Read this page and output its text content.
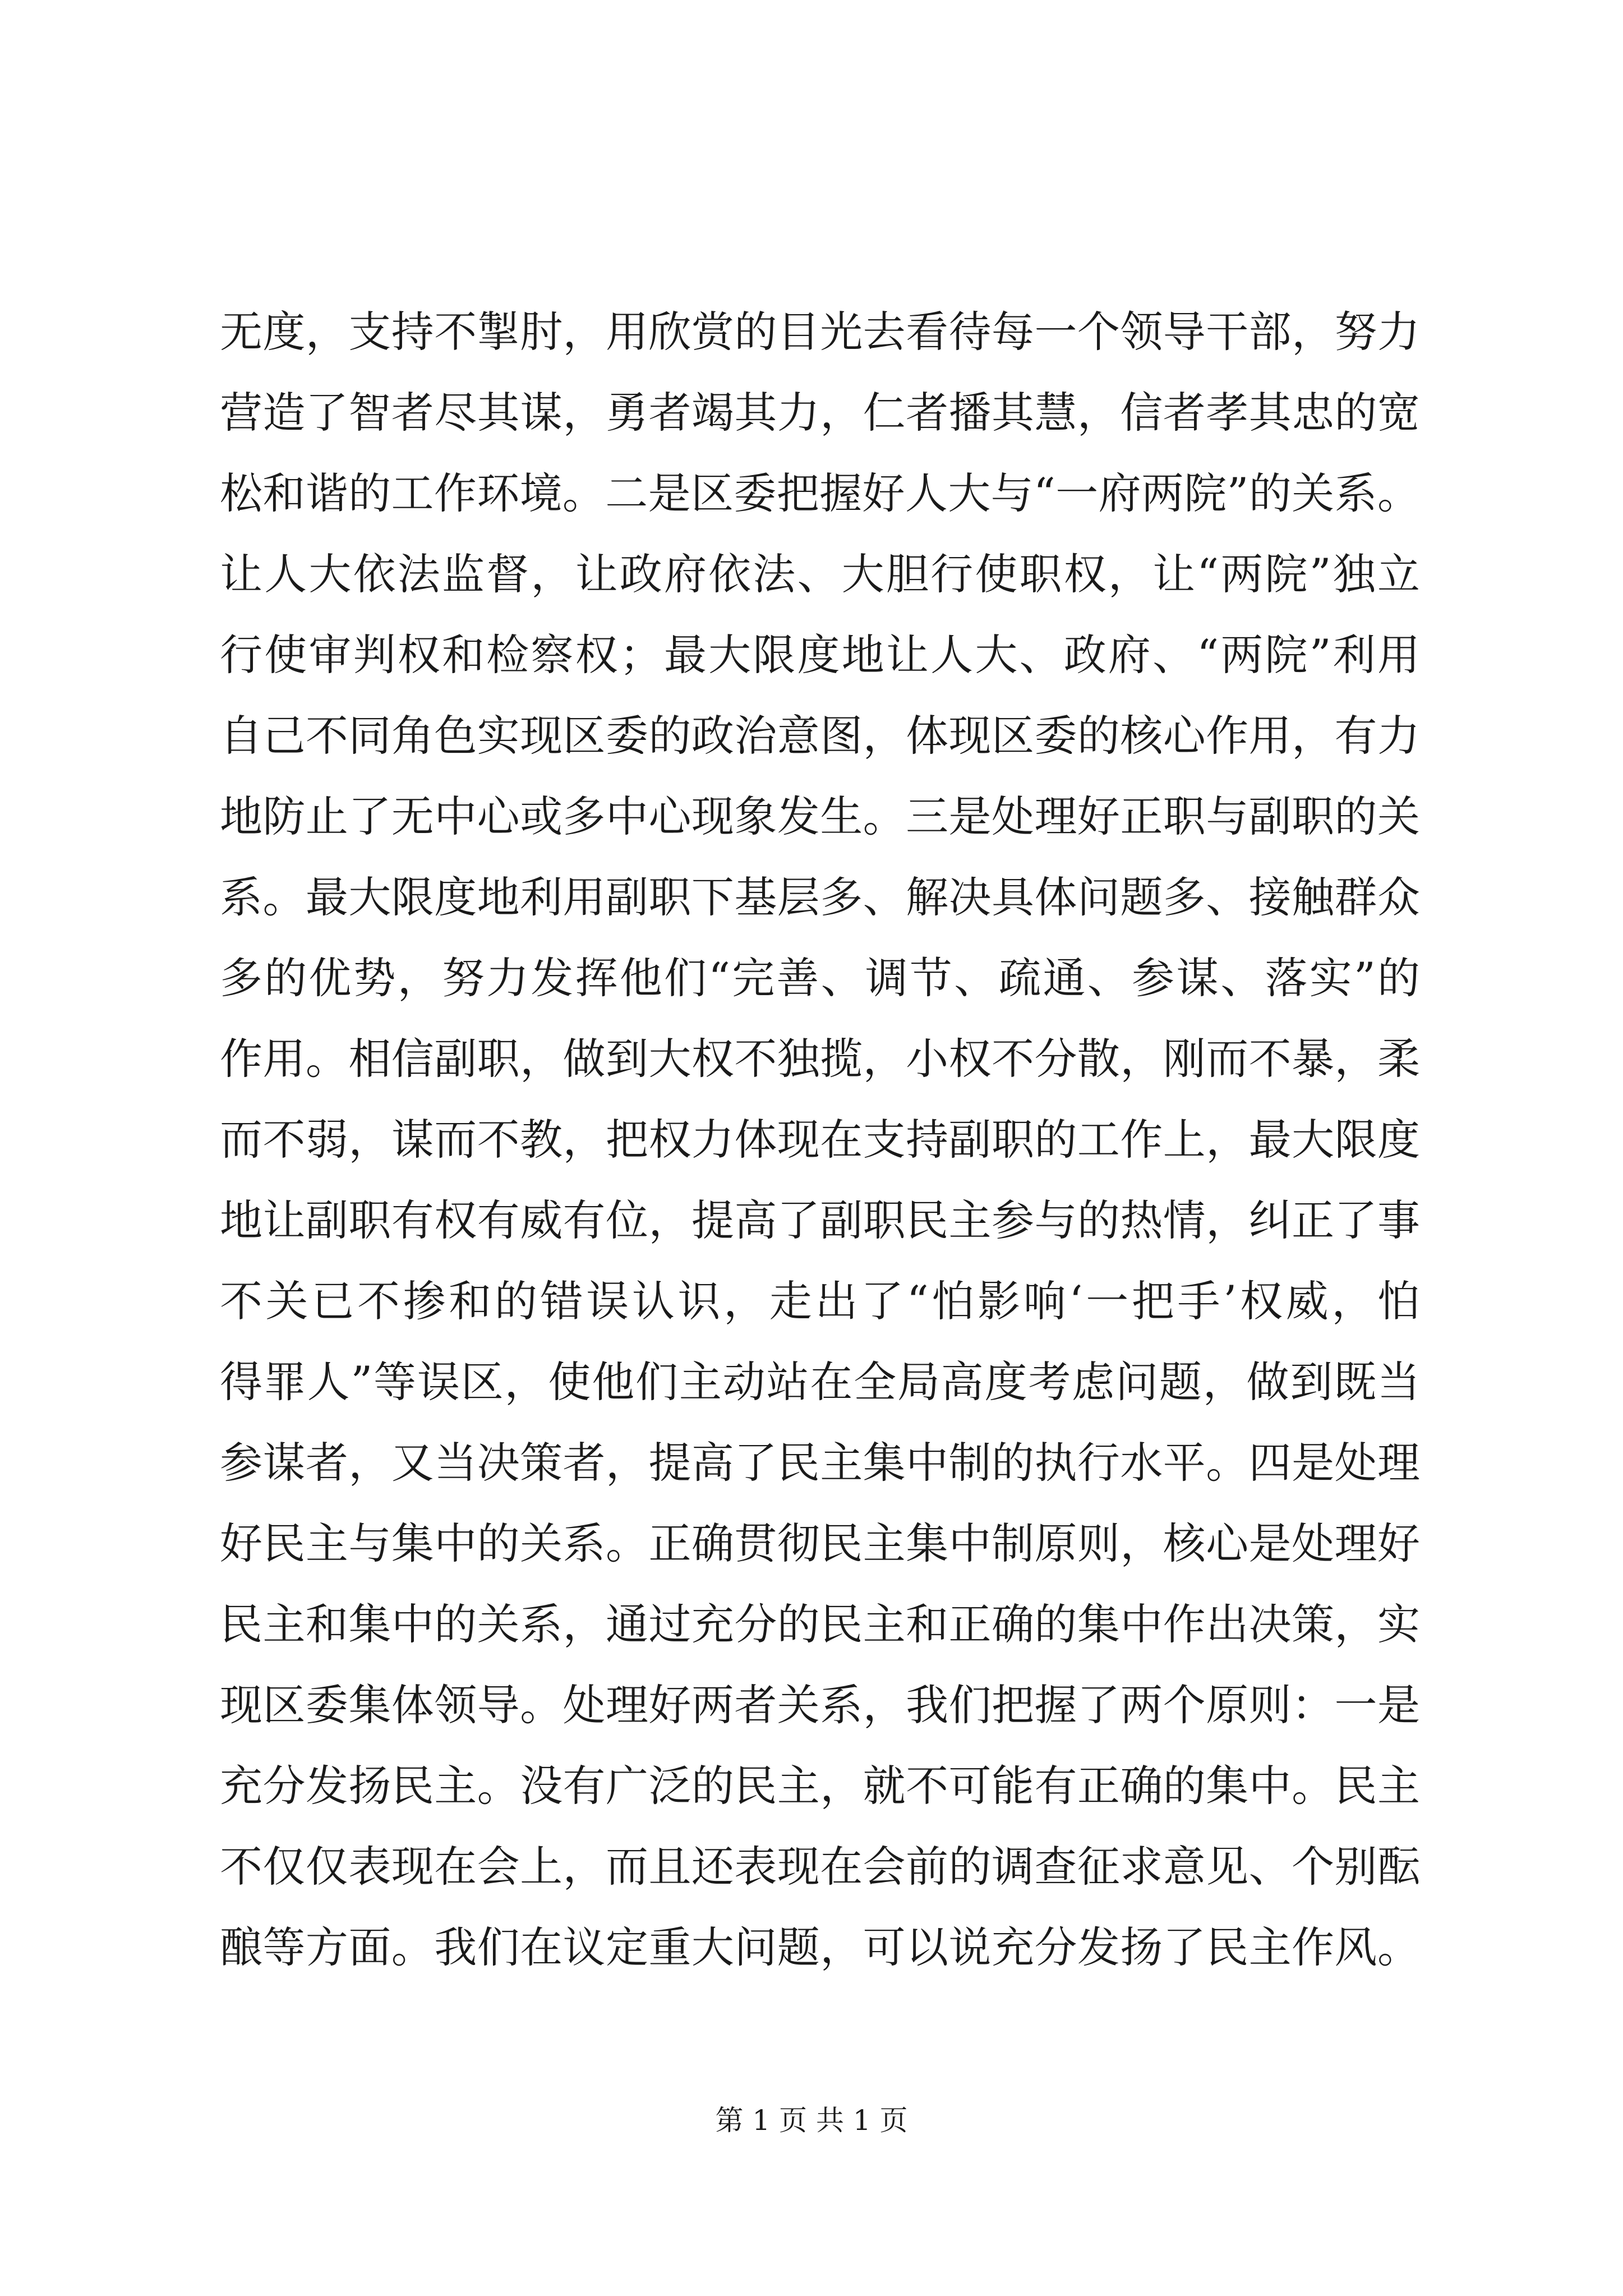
无度，支持不掣肘，用欣赏的目光去看待每一个领导干部，努力
营造了智者尽其谋，勇者竭其力，仁者播其慧，信者孝其忠的宽
松和谐的工作环境。二是区委把握好人大与“一府两院”的关系。
让人大依法监督，让政府依法、大胆行使职权，让“两院”独立
行使审判权和检察权；最大限度地让人大、政府、“两院”利用
自己不同角色实现区委的政治意图，体现区委的核心作用，有力
地防止了无中心或多中心现象发生。三是处理好正职与副职的关
系。最大限度地利用副职下基层多、解决具体问题多、接触群众
多的优势，努力发挥他们“完善、调节、疏通、参谋、落实”的
作用。相信副职，做到大权不独揽，小权不分散，刚而不暴，柔
而不弱，谋而不教，把权力体现在支持副职的工作上，最大限度
地让副职有权有威有位，提高了副职民主参与的热情，纠正了事
不关已不掺和的错误认识，走出了“怕影响‘一把手’权威，怕
得罪人”等误区，使他们主动站在全局高度考虑问题，做到既当
参谋者，又当决策者，提高了民主集中制的执行水平。四是处理
好民主与集中的关系。正确贯彻民主集中制原则，核心是处理好
民主和集中的关系，通过充分的民主和正确的集中作出决策，实
现区委集体领导。处理好两者关系，我们把握了两个原则：一是
充分发扬民主。没有广泛的民主，就不可能有正确的集中。民主
不仅仅表现在会上，而且还表现在会前的调查征求意见、个别酝
酿等方面。我们在议定重大问题，可以说充分发扬了民主作风。
第 1 页 共 1 页
